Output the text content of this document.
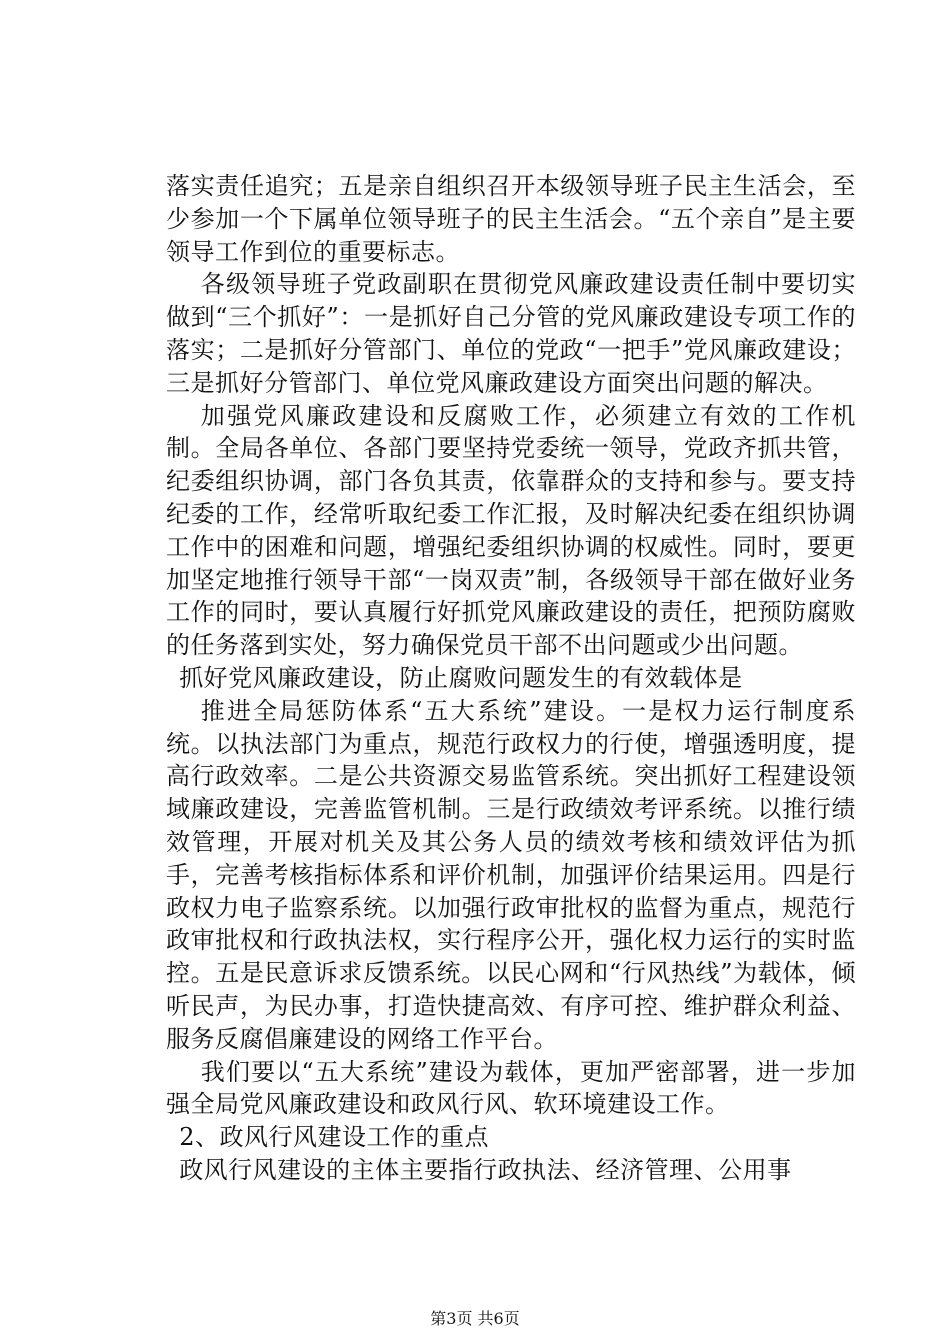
落实责任追究；五是亲自组织召开本级领导班子民主生活会，至少参加一个下属单位领导班子的民主生活会。“五个亲自”是主要领导工作到位的重要标志。

各级领导班子党政副职在贯彻党风廉政建设责任制中要切实做到“三个抓好”：一是抓好自己分管的党风廉政建设专项工作的落实；二是抓好分管部门、单位的党政“一把手”党风廉政建设；三是抓好分管部门、单位党风廉政建设方面突出问题的解决。

加强党风廉政建设和反腐败工作，必须建立有效的工作机制。全局各单位、各部门要坚持党委统一领导，党政齐抓共管，纪委组织协调，部门各负其责，依靠群众的支持和参与。要支持纪委的工作，经常听取纪委工作汇报，及时解决纪委在组织协调工作中的困难和问题，增强纪委组织协调的权威性。同时，要更加坚定地推行领导干部“一岗双责”制，各级领导干部在做好业务工作的同时，要认真履行好抓党风廉政建设的责任，把预防腐败的任务落到实处，努力确保党员干部不出问题或少出问题。

抓好党风廉政建设，防止腐败问题发生的有效载体是

推进全局惩防体系“五大系统”建设。一是权力运行制度系统。以执法部门为重点，规范行政权力的行使，增强透明度，提高行政效率。二是公共资源交易监管系统。突出抓好工程建设领域廉政建设，完善监管机制。三是行政绩效考评系统。以推行绩效管理，开展对机关及其公务人员的绩效考核和绩效评估为抓手，完善考核指标体系和评价机制，加强评价结果运用。四是行政权力电子监察系统。以加强行政审批权的监督为重点，规范行政审批权和行政执法权，实行程序公开，强化权力运行的实时监控。五是民意诉求反馈系统。以民心网和“行风热线”为载体，倾听民声，为民办事，打造快捷高效、有序可控、维护群众利益、服务反腐倡廉建设的网络工作平台。

我们要以“五大系统”建设为载体，更加严密部署，进一步加强全局党风廉政建设和政风行风、软环境建设工作。

2、政风行风建设工作的重点

政风行风建设的主体主要指行政执法、经济管理、公用事

第3页 共6页
